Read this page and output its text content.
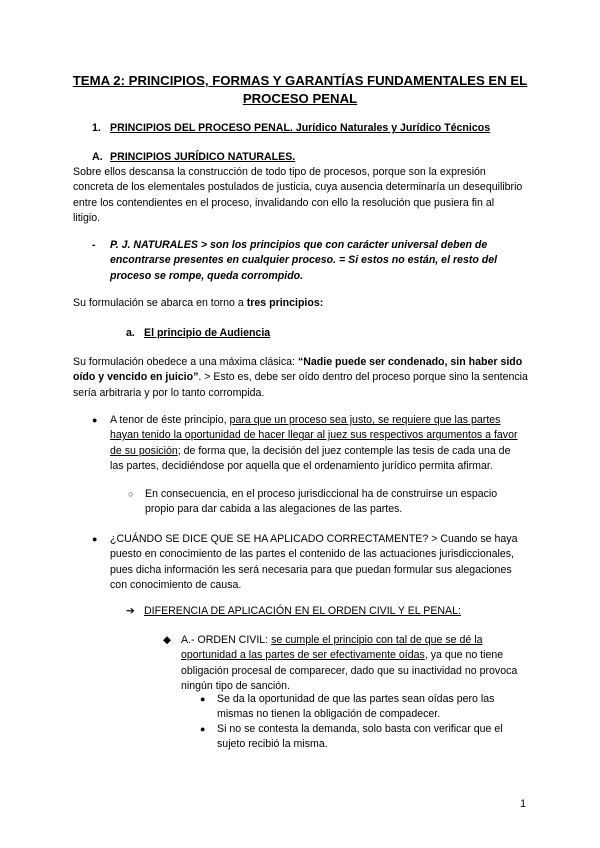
TEMA 2: PRINCIPIOS, FORMAS Y GARANTÍAS FUNDAMENTALES EN EL PROCESO PENAL
1. PRINCIPIOS DEL PROCESO PENAL. Jurídico Naturales y Jurídico Técnicos
A. PRINCIPIOS JURÍDICO NATURALES.
Sobre ellos descansa la construcción de todo tipo de procesos, porque son la expresión concreta de los elementales postulados de justicia, cuya ausencia determinaría un desequilibrio entre los contendientes en el proceso, invalidando con ello la resolución que pusiera fin al litigio.
- P. J. NATURALES > son los principios que con carácter universal deben de encontrarse presentes en cualquier proceso. = Si estos no están, el resto del proceso se rompe, queda corrompido.
Su formulación se abarca en torno a tres principios:
a. El principio de Audiencia
Su formulación obedece a una máxima clásica: “Nadie puede ser condenado, sin haber sido oído y vencido en juicio”. > Esto es, debe ser oído dentro del proceso porque sino la sentencia sería arbitraria y por lo tanto corrompida.
● A tenor de éste principio, para que un proceso sea justo, se requiere que las partes hayan tenido la oportunidad de hacer llegar al juez sus respectivos argumentos a favor de su posición; de forma que, la decisión del juez contemple las tesis de cada una de las partes, decidiéndose por aquella que el ordenamiento jurídico permita afirmar.
○ En consecuencia, en el proceso jurisdiccional ha de construirse un espacio propio para dar cabida a las alegaciones de las partes.
● ¿CUÁNDO SE DICE QUE SE HA APLICADO CORRECTAMENTE? > Cuando se haya puesto en conocimiento de las partes el contenido de las actuaciones jurisdiccionales, pues dicha información les será necesaria para que puedan formular sus alegaciones con conocimiento de causa.
➔ DIFERENCIA DE APLICACIÓN EN EL ORDEN CIVIL Y EL PENAL:
◆ A.- ORDEN CIVIL: se cumple el principio con tal de que se dé la oportunidad a las partes de ser efectivamente oídas, ya que no tiene obligación procesal de comparecer, dado que su inactividad no provoca ningún tipo de sanción.
● Se da la oportunidad de que las partes sean oídas pero las mismas no tienen la obligación de compadecer.
● Si no se contesta la demanda, solo basta con verificar que el sujeto recibió la misma.
1
